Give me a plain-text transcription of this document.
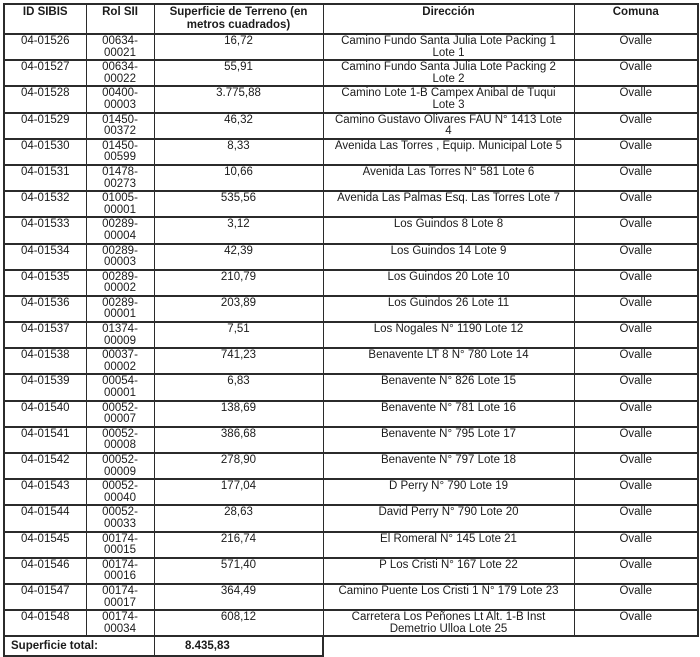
ID SIBIS	Rol SII	Superficie de Terreno (en metros cuadrados)	Dirección	Comuna
04-01526	00634-00021	16,72	Camino Fundo Santa Julia Lote Packing 1 Lote 1	Ovalle
04-01527	00634-00022	55,91	Camino Fundo Santa Julia Lote Packing 2 Lote 2	Ovalle
04-01528	00400-00003	3.775,88	Camino Lote 1-B Campex Anibal de Tuqui Lote 3	Ovalle
04-01529	01450-00372	46,32	Camino Gustavo Olivares FAU N° 1413 Lote 4	Ovalle
04-01530	01450-00599	8,33	Avenida Las Torres , Equip. Municipal Lote 5	Ovalle
04-01531	01478-00273	10,66	Avenida Las Torres N° 581 Lote 6	Ovalle
04-01532	01005-00001	535,56	Avenida Las Palmas Esq. Las Torres Lote 7	Ovalle
04-01533	00289-00004	3,12	Los Guindos 8 Lote 8	Ovalle
04-01534	00289-00003	42,39	Los Guindos 14 Lote 9	Ovalle
04-01535	00289-00002	210,79	Los Guindos 20 Lote 10	Ovalle
04-01536	00289-00001	203,89	Los Guindos 26 Lote 11	Ovalle
04-01537	01374-00009	7,51	Los Nogales N° 1190 Lote 12	Ovalle
04-01538	00037-00002	741,23	Benavente LT 8 N° 780 Lote 14	Ovalle
04-01539	00054-00001	6,83	Benavente N° 826 Lote 15	Ovalle
04-01540	00052-00007	138,69	Benavente N° 781 Lote 16	Ovalle
04-01541	00052-00008	386,68	Benavente N° 795 Lote 17	Ovalle
04-01542	00052-00009	278,90	Benavente N° 797 Lote 18	Ovalle
04-01543	00052-00040	177,04	D Perry N° 790 Lote 19	Ovalle
04-01544	00052-00033	28,63	David Perry N° 790 Lote 20	Ovalle
04-01545	00174-00015	216,74	El Romeral N° 145 Lote 21	Ovalle
04-01546	00174-00016	571,40	P Los Cristi N° 167 Lote 22	Ovalle
04-01547	00174-00017	364,49	Camino Puente Los Cristi 1 N° 179 Lote 23	Ovalle
04-01548	00174-00034	608,12	Carretera Los Peñones Lt Alt. 1-B Inst Demetrio Ulloa Lote 25	Ovalle
Superficie total:	8.435,83
